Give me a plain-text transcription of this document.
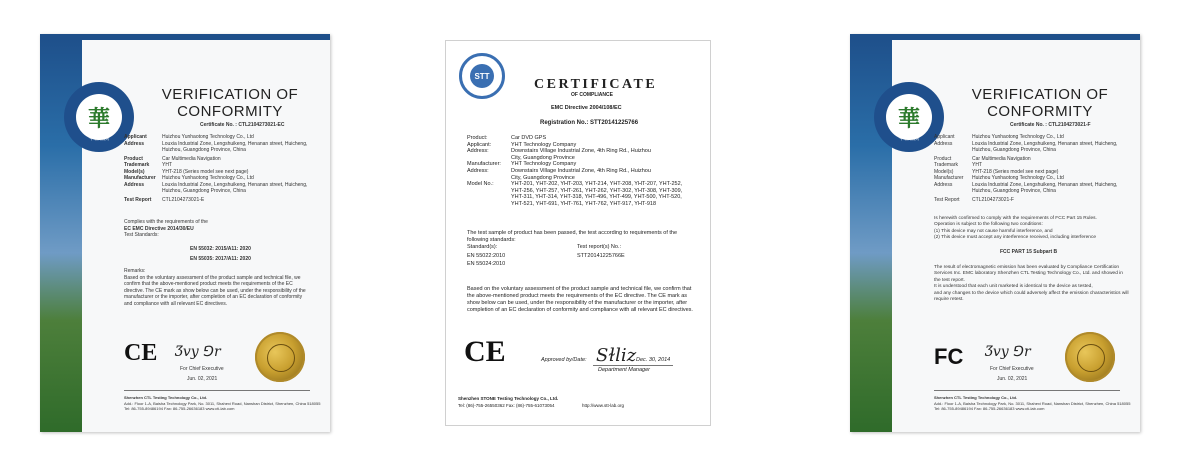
華
华检检测
VERIFICATION OF
CONFORMITY
Certificate No. : CTL2104273021-EC
Applicant	Huizhou Yunhaotong Technology Co., Ltd
Address	Louxia Industrial Zone, Lengshuikeng, Henanan street, Huicheng, Huizhou, Guangdong Province, China
Product	Car Multimedia Navigation
Trademark	YHT
Model(s)	YHT-218 (Series model see next page)
Manufacturer	Huizhou Yunhaotong Technology Co., Ltd
Address	Louxia Industrial Zone, Lengshuikeng, Henanan street, Huicheng, Huizhou, Guangdong Province, China
Test Report	CTL2104273021-E
Complies with the requirements of the
EC EMC Directive 2014/30/EU
Test Standards:
EN 55032: 2015/A11: 2020
EN 55035: 2017/A11: 2020
Remarks:
Based on the voluntary assessment of the product sample and technical file, we confirm that the above-mentioned product meets the requirements of the EC directive. The CE mark as show below can be used, under the responsibility of the manufacturer or the importer, after completion of an EC declaration of conformity and compliance with all relevant EC directives.
CE Ʒvy ⅁r
For Chief Executive
Jun. 02, 2021
Shenzhen CTL Testing Technology Co., Ltd.
Add.: Floor 1-A, Baisha Technology Park, No. 3011, Shahexi Road, Nanshan District, Shenzhen, China 518055
Tel: 86-755-89486194 Fax: 86-755-26636183 www.cti-lab.com
STT
CERTIFICATE
OF COMPLIANCE
EMC Directive 2004/108/EC
Registration No.: STT20141225766
Product:	Car DVD GPS
Applicant:	YHT Technology Company
Address:	Downstairs Village Industrial Zone, 4th Ring Rd., Huizhou City, Guangdong Province
Manufacturer:	YHT Technology Company
Address:	Downstairs Village Industrial Zone, 4th Ring Rd., Huizhou City, Guangdong Province
Model No.:	YHT-201, YHT-202, YHT-203, YHT-214, YHT-208, YHT-207, YHT-252, YHT-256, YHT-257, YHT-261, YHT-262, YHT-302, YHT-308, YHT-309, YHT-311, YHT-314, YHT-318, YHT-496, YHT-499, YHT-500, YHT-520, YHT-521, YHT-691, YHT-761, YHT-762, YHT-917, YHT-918
The test sample of product has been passed, the test according to requirements of the following standards:
Standard(s):	Test report(s) No.:
EN 55022:2010	STT20141225766E
EN 55024:2010
Based on the voluntary assessment of the product sample and technical file, we confirm that the above-mentioned product meets the requirements of the EC directive. The CE mark as show below can be used, under the responsibility of the manufacturer or the importer, after completion of an EC declaration of conformity and compliance with all relevant EC directives.
CE	Approved by/Date: Sɫliz Dec. 30, 2014
Department Manager
Shenzhen STONE Testing Technology Co., Ltd.
Tel: (86)-755-26550362 Fax: (86)-755-61073054	http://www.stt-lab.org
華
华检检测
VERIFICATION OF
CONFORMITY
Certificate No. : CTL2104273021-F
Applicant	Huizhou Yunhaotong Technology Co., Ltd
Address	Louxia Industrial Zone, Lengshuikeng, Henanan street, Huicheng, Huizhou, Guangdong Province, China
Product	Car Multimedia Navigation
Trademark	YHT
Model(s)	YHT-218 (Series model see next page)
Manufacturer	Huizhou Yunhaotong Technology Co., Ltd
Address	Louxia Industrial Zone, Lengshuikeng, Henanan street, Huicheng, Huizhou, Guangdong Province, China
Test Report	CTL2104273021-F
Is herewith confirmed to comply with the requirements of FCC Part 15 Rules.
Operation is subject to the following two conditions:
(1) This device may not cause harmful interference, and
(2) This device must accept any interference received, including interference
FCC PART 15 Subpart B
The result of electromagnetic emission has been evaluated by Compliance Certification Services Inc. EMC laboratory Shenzhen CTL Testing Technology Co., Ltd. and showed in the test report.
It is understood that each unit marketed is identical to the device as tested,
and any changes to the device which could adversely affect the emission characteristics will require retest.
FC Ʒvy ⅁r
For Chief Executive
Jun. 02, 2021
Shenzhen CTL Testing Technology Co., Ltd.
Add.: Floor 1-A, Baisha Technology Park, No. 3011, Shahexi Road, Nanshan District, Shenzhen, China 518055
Tel: 86-755-89486194 Fax: 86-755-26636183 www.cti-lab.com
